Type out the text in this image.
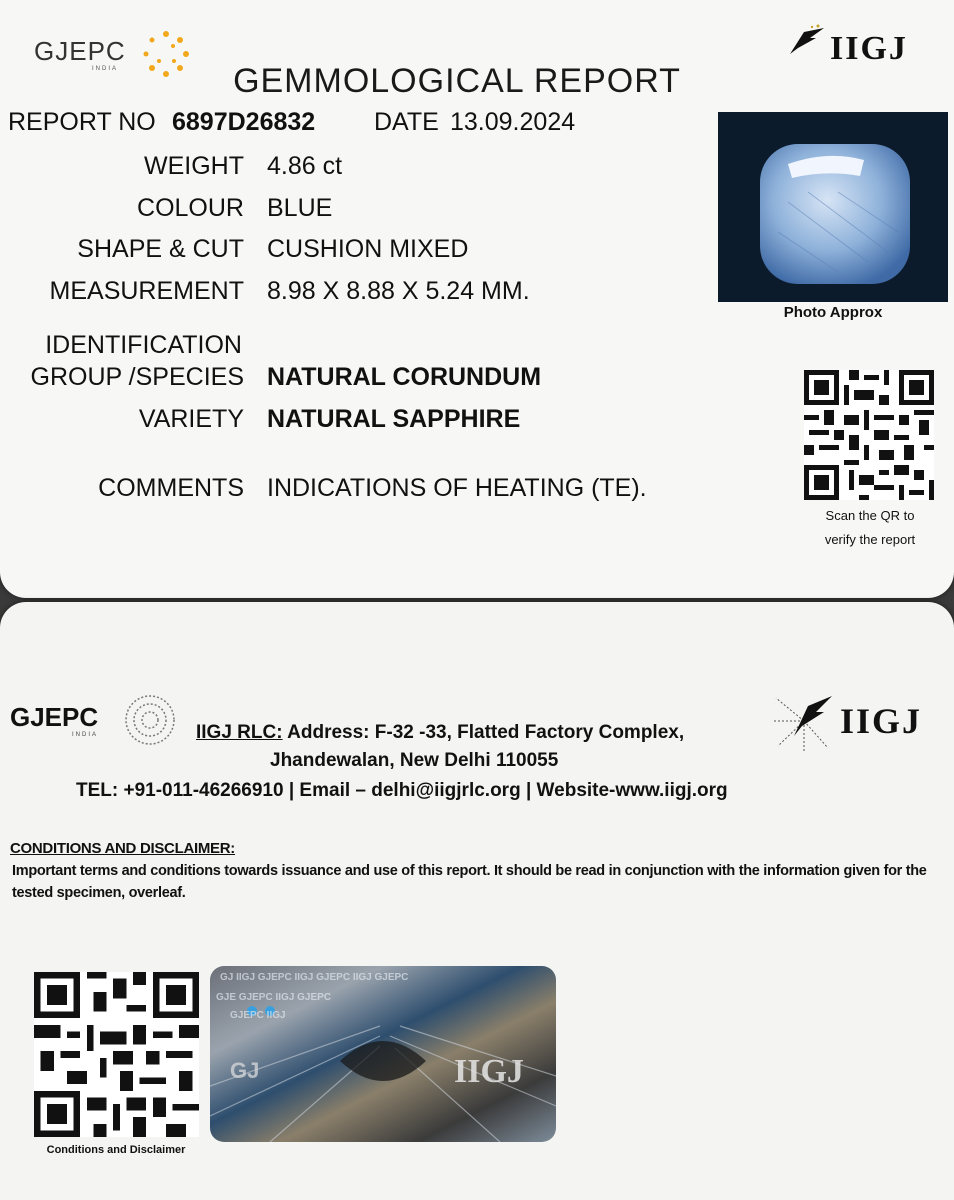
GJEPC
INDIA	GEMMOLOGICAL REPORT
IIGJ
REPORT NO 6897D26832 DATE 13.09.2024
WEIGHT 4.86 ct
COLOUR BLUE
SHAPE & CUT CUSHION MIXED
MEASUREMENT 8.98 X 8.88 X 5.24 MM.
IDENTIFICATION
GROUP /SPECIES NATURAL CORUNDUM
VARIETY NATURAL SAPPHIRE
COMMENTS INDICATIONS OF HEATING (TE).
Photo Approx
Scan the QR to
verify the report
GJEPC
INDIA	IIGJ
IIGJ RLC: Address: F-32 -33, Flatted Factory Complex,
Jhandewalan, New Delhi 110055
TEL: +91-011-46266910 | Email – delhi@iigjrlc.org | Website-www.iigj.org
CONDITIONS AND DISCLAIMER:
Important terms and conditions towards issuance and use of this report. It should be read in conjunction with the information given for the tested specimen, overleaf.
Conditions and Disclaimer
GJ IIGJ GJEPC IIGJ GJEPC IIGJ GJEPC
GJE GJEPC IIGJ GJEPC
GJEPC IIGJ
IIGJ
GJ
